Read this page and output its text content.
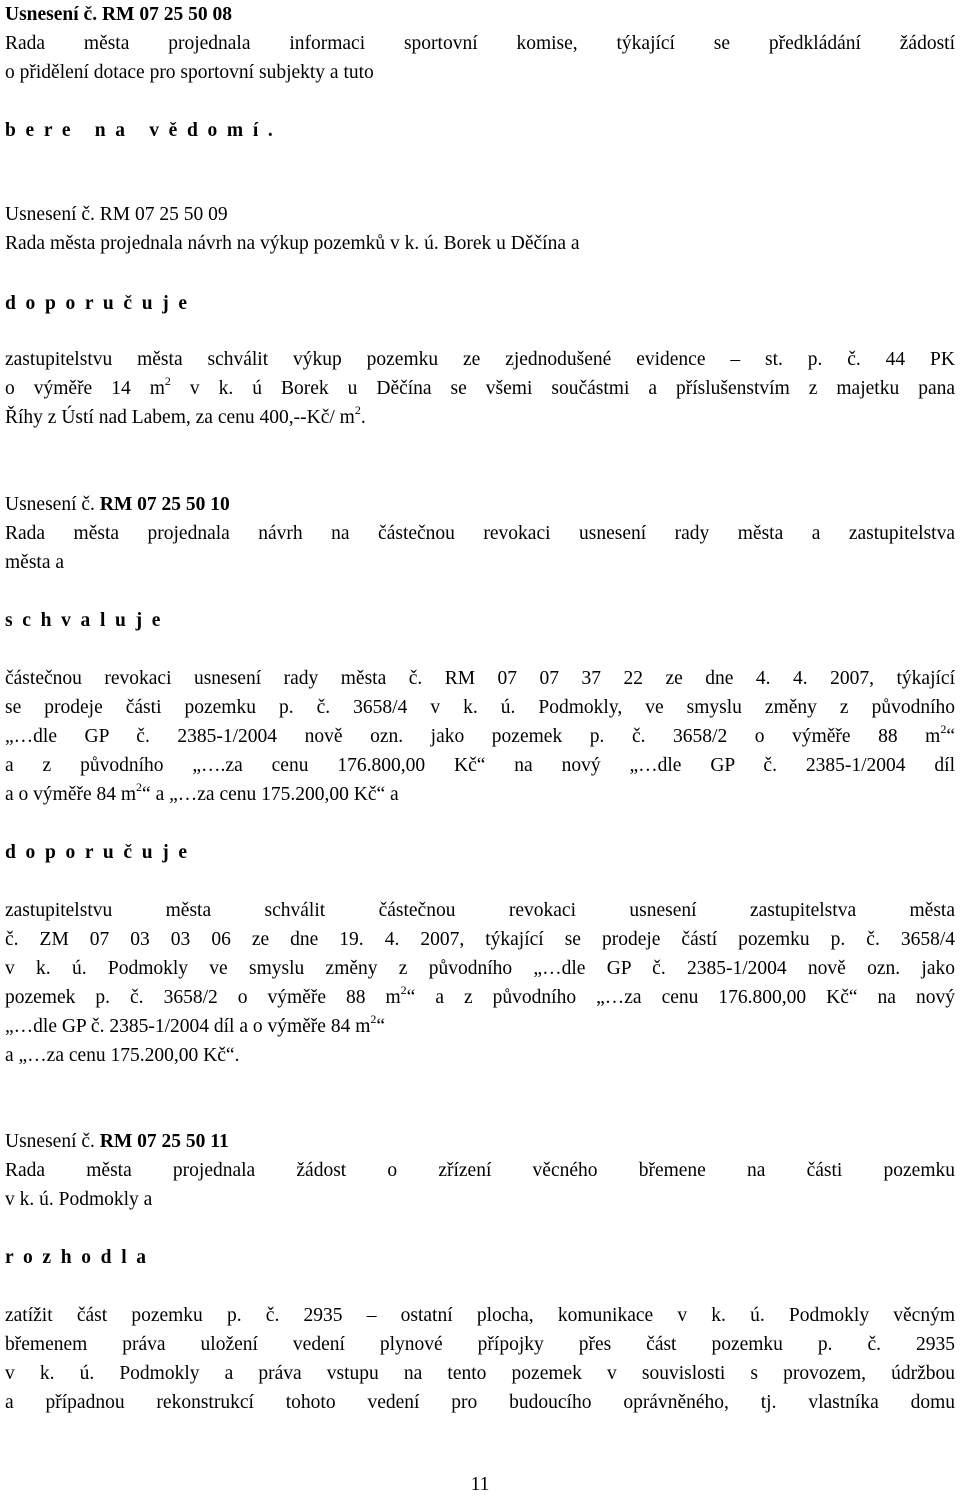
Usnesení č. RM 07 25 50 08
Rada města projednala informaci sportovní komise, týkající se předkládání žádostí
o přidělení dotace pro sportovní subjekty a tuto
b e r e   n a   v ě d o m í .
Usnesení č. RM 07 25 50 09
Rada města projednala návrh na výkup pozemků v k. ú. Borek u Děčína a
d o p o r u č u j e
zastupitelstvu města schválit výkup pozemku ze zjednodušené evidence – st. p. č. 44 PK
o výměře 14 $m^2$ v k. ú Borek u Děčína se všemi součástmi a příslušenstvím z majetku pana
Říhy z Ústí nad Labem, za cenu 400,--Kč/ $m^2$.
Usnesení č. RM 07 25 50 10
Rada města projednala návrh na částečnou revokaci usnesení rady města a zastupitelstva
města a
s c h v a l u j e
částečnou revokaci usnesení rady města č. RM 07 07 37 22 ze dne 4. 4. 2007, týkající
se prodeje části pozemku p. č. 3658/4 v k. ú. Podmokly, ve smyslu změny z původního
„…dle GP č. 2385-1/2004 nově ozn. jako pozemek p. č. 3658/2 o výměře 88 $m^2“$
a z původního „….za cenu 176.800,00 Kč“ na nový „…dle GP č. 2385-1/2004 díl
a o výměře 84 $m^2“$ a „…za cenu 175.200,00 Kč“ a
d o p o r u č u j e
zastupitelstvu města schválit částečnou revokaci usnesení zastupitelstva města
č. ZM 07 03 03 06 ze dne 19. 4. 2007, týkající se prodeje částí pozemku p. č. 3658/4
v k. ú. Podmokly ve smyslu změny z původního „…dle GP č. 2385-1/2004 nově ozn. jako
pozemek p. č. 3658/2 o výměře 88 $m^2“$ a z původního „…za cenu 176.800,00 Kč“ na nový
„…dle GP č. 2385-1/2004 díl a o výměře 84 $m^2“$
a „…za cenu 175.200,00 Kč“.
Usnesení č. RM 07 25 50 11
Rada města projednala žádost o zřízení věcného břemene na části pozemku
v k. ú. Podmokly a
r o z h o d l a
zatížit část pozemku p. č. 2935 – ostatní plocha, komunikace v k. ú. Podmokly věcným
břemenem práva uložení vedení plynové přípojky přes část pozemku p. č. 2935
v k. ú. Podmokly a práva vstupu na tento pozemek v souvislosti s provozem, údržbou
a případnou rekonstrukcí tohoto vedení pro budoucího oprávněného, tj. vlastníka domu
11
